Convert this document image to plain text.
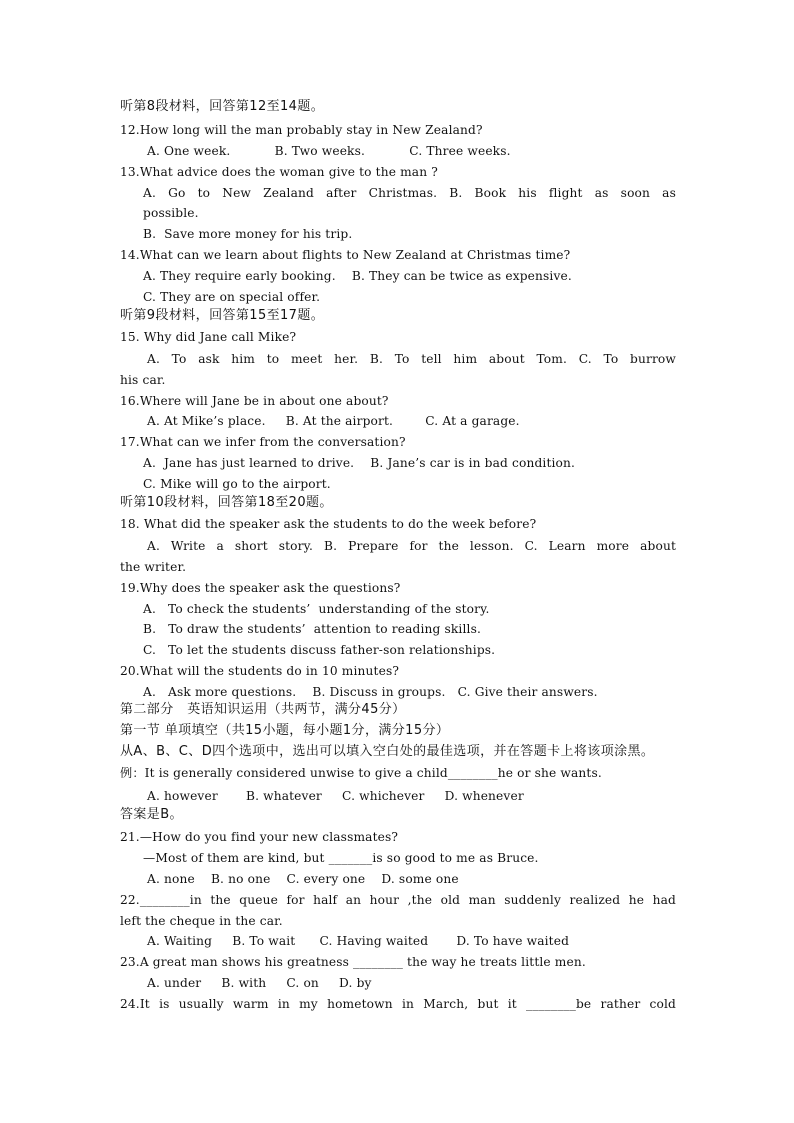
听第8段材料，回答第12至14题。
12.How long will the man probably stay in New Zealand?
A. One week.           B. Two weeks.           C. Three weeks.
13.What advice does the woman give to the man ?
A. Go to New Zealand after Christmas. B. Book his flight as soon as
possible.
B.  Save more money for his trip.
14.What can we learn about flights to New Zealand at Christmas time?
A. They require early booking.    B. They can be twice as expensive.
C. They are on special offer.
听第9段材料，回答第15至17题。
15. Why did Jane call Mike?
A. To ask him to meet her. B. To tell him about Tom. C. To burrow
his car.
16.Where will Jane be in about one about?
A. At Mike’s place.     B. At the airport.        C. At a garage.
17.What can we infer from the conversation?
A.  Jane has just learned to drive.    B. Jane’s car is in bad condition.
C. Mike will go to the airport.
听第10段材料，回答第18至20题。
18. What did the speaker ask the students to do the week before?
A. Write a short story. B. Prepare for the lesson. C. Learn more about
the writer.
19.Why does the speaker ask the questions?
A.   To check the students’  understanding of the story.
B.   To draw the students’  attention to reading skills.
C.   To let the students discuss father-son relationships.
20.What will the students do in 10 minutes?
A.   Ask more questions.    B. Discuss in groups.   C. Give their answers.
第二部分   英语知识运用（共两节，满分45分）
第一节 单项填空（共15小题，每小题1分，满分15分）
从A、B、C、D四个选项中，选出可以填入空白处的最佳选项，并在答题卡上将该项涂黑。
例：It is generally considered unwise to give a child________he or she wants.
A. however       B. whatever     C. whichever     D. whenever
答案是B。
21.—How do you find your new classmates?
—Most of them are kind, but _______is so good to me as Bruce.
A. none    B. no one    C. every one    D. some one
22.________in the queue for half an hour ,the old man suddenly realized he had
left the cheque in the car.
A. Waiting     B. To wait      C. Having waited       D. To have waited
23.A great man shows his greatness ________ the way he treats little men.
A. under     B. with     C. on     D. by
24.It is usually warm in my hometown in March, but it ________be rather cold
